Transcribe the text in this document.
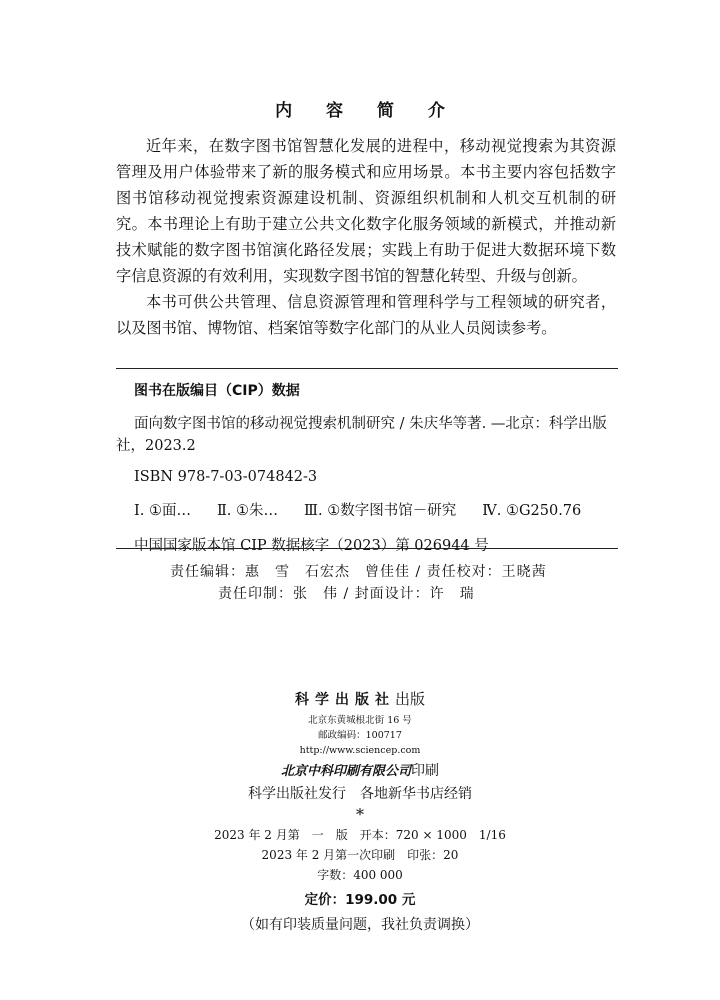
内 容 简 介

近年来，在数字图书馆智慧化发展的进程中，移动视觉搜索为其资源管理及用户体验带来了新的服务模式和应用场景。本书主要内容包括数字图书馆移动视觉搜索资源建设机制、资源组织机制和人机交互机制的研究。本书理论上有助于建立公共文化数字化服务领域的新模式，并推动新技术赋能的数字图书馆演化路径发展；实践上有助于促进大数据环境下数字信息资源的有效利用，实现数字图书馆的智慧化转型、升级与创新。

本书可供公共管理、信息资源管理和管理科学与工程领域的研究者，以及图书馆、博物馆、档案馆等数字化部门的从业人员阅读参考。

图书在版编目（CIP）数据
面向数字图书馆的移动视觉搜索机制研究 / 朱庆华等著. —北京：科学出版社，2023.2
ISBN 978-7-03-074842-3
Ⅰ. ①面… Ⅱ. ①朱… Ⅲ. ①数字图书馆－研究 Ⅳ. ①G250.76
中国国家版本馆 CIP 数据核字（2023）第 026944 号
责任编辑：惠　雪　石宏杰　曾佳佳 / 责任校对：王晓茜
责任印制：张　伟 / 封面设计：许　瑞
科学出版社出版
北京东黄城根北街 16 号
邮政编码：100717
http://www.sciencep.com
北京中科印刷有限公司印刷
科学出版社发行　各地新华书店经销
*
2023 年 2 月第　一　版　开本：720 × 1000　1/16
2023 年 2 月第一次印刷　印张：20
字数：400 000
定价：199.00 元
（如有印装质量问题，我社负责调换）
